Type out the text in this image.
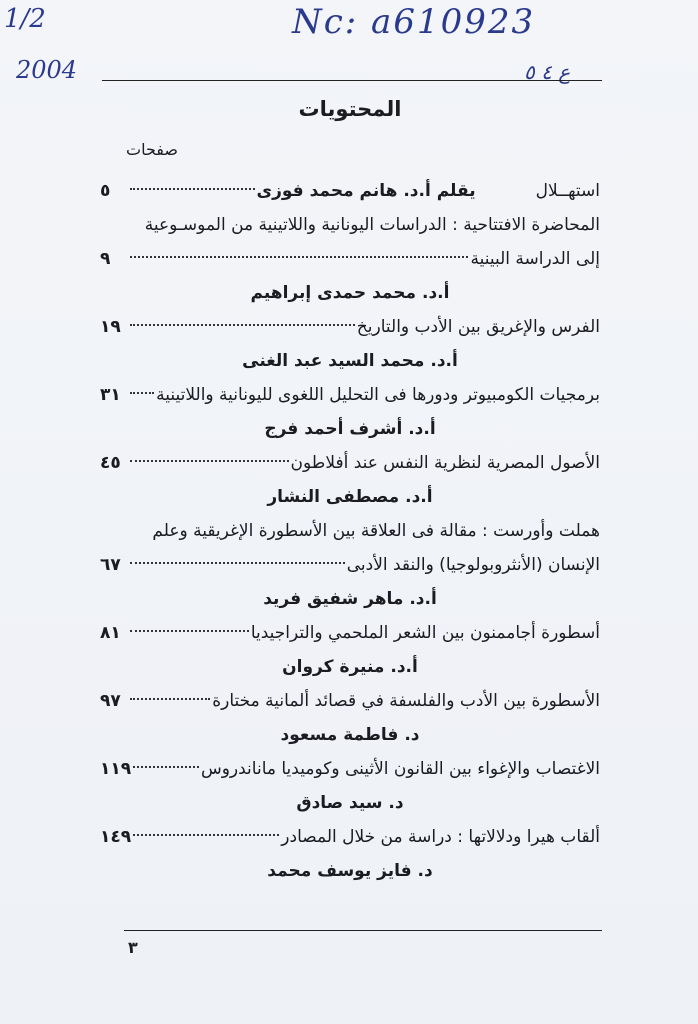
1/2	Nc: a610923
2004	ع ٤ ٥
المحتويات
صفحات
استهــلال
يقلم أ.د. هانم محمد فوزى
٥
المحاضرة الافتتاحية : الدراسات اليونانية واللاتينية من الموسـوعية
إلى الدراسة البينية
٩
أ.د. محمد حمدى إبراهيم
الفرس والإغريق بين الأدب والتاريخ
١٩
أ.د. محمد السيد عبد الغنى
برمجيات الكومبيوتر ودورها فى التحليل اللغوى لليونانية واللاتينية
٣١
أ.د. أشرف أحمد فرج
الأصول المصرية لنظرية النفس عند أفلاطون
٤٥
أ.د. مصطفى النشار
هملت وأورست : مقالة فى العلاقة بين الأسطورة الإغريقية وعلم
الإنسان (الأنثروبولوجيا) والنقد الأدبى
٦٧
أ.د. ماهر شفيق فريد
أسطورة أجاممنون بين الشعر الملحمي والتراجيديا
٨١
أ.د. منيرة كروان
الأسطورة بين الأدب والفلسفة في قصائد ألمانية مختارة
٩٧
د. فاطمة مسعود
الاغتصاب والإغواء بين القانون الأثينى وكوميديا ماناندروس
١١٩
د. سيد صادق
ألقاب هيرا ودلالاتها : دراسة من خلال المصادر
١٤٩
د. فايز يوسف محمد
٣
